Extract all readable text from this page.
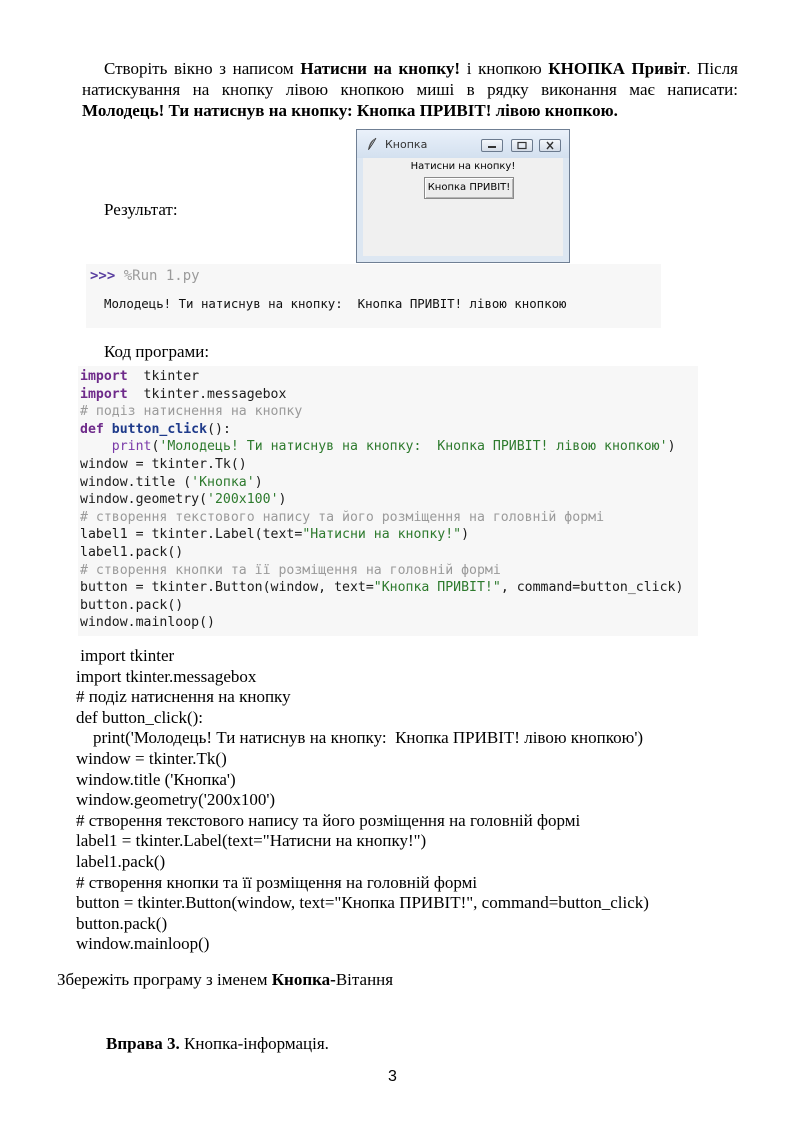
Створіть вікно з написом Натисни на кнопку! і кнопкою КНОПКА Привіт. Після натискування на кнопку лівою кнопкою миші в рядку виконання має написати: Молодець! Ти натиснув на кнопку: Кнопка ПРИВІТ! лівою кнопкою.
Кнопка
Натисни на кнопку!
Кнопка ПРИВІТ!
Результат:
>>> %Run 1.py
Молодець! Ти натиснув на кнопку:  Кнопка ПРИВІТ! лівою кнопкою
Код програми:
import  tkinter
import  tkinter.messagebox
# подіз натиснення на кнопку
def button_click():
print('Молодець! Ти натиснув на кнопку:  Кнопка ПРИВІТ! лівою кнопкою')
window = tkinter.Tk()
window.title ('Кнопка')
window.geometry('200x100')
# створення текстового напису та його розміщення на головній формі
label1 = tkinter.Label(text="Натисни на кнопку!")
label1.pack()
# створення кнопки та її розміщення на головній формі
button = tkinter.Button(window, text="Кнопка ПРИВІТ!", command=button_click)
button.pack()
window.mainloop()
import tkinter
import tkinter.messagebox
# подіz натиснення на кнопку
def button_click():
print('Молодець! Ти натиснув на кнопку:  Кнопка ПРИВІТ! лівою кнопкою')
window = tkinter.Tk()
window.title ('Кнопка')
window.geometry('200x100')
# створення текстового напису та його розміщення на головній формі
label1 = tkinter.Label(text="Натисни на кнопку!")
label1.pack()
# створення кнопки та її розміщення на головній формі
button = tkinter.Button(window, text="Кнопка ПРИВІТ!", command=button_click)
button.pack()
window.mainloop()
Збережіть програму з іменем Кнопка-Вітання
Вправа 3. Кнопка-інформація.
3
